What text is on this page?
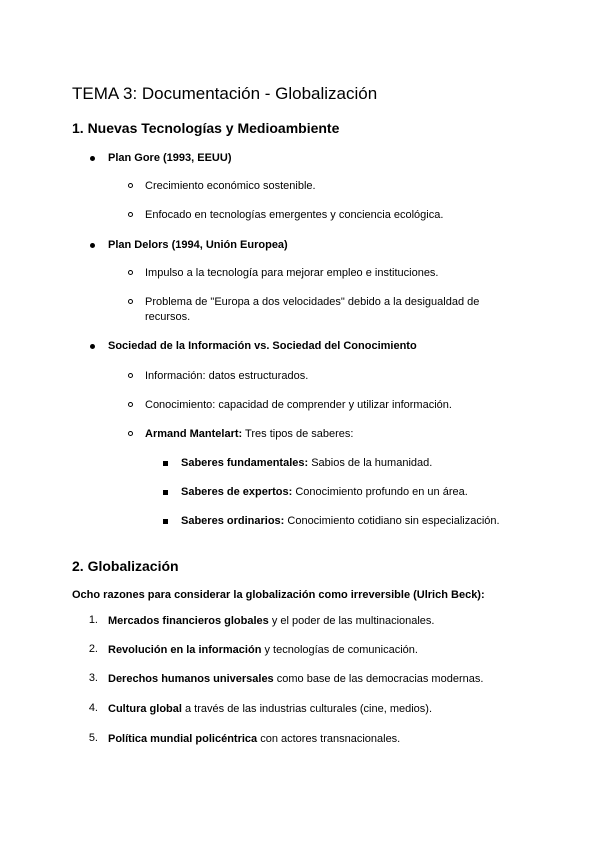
TEMA 3: Documentación - Globalización
1. Nuevas Tecnologías y Medioambiente
Plan Gore (1993, EEUU)
Crecimiento económico sostenible.
Enfocado en tecnologías emergentes y conciencia ecológica.
Plan Delors (1994, Unión Europea)
Impulso a la tecnología para mejorar empleo e instituciones.
Problema de "Europa a dos velocidades" debido a la desigualdad de
recursos.
Sociedad de la Información vs. Sociedad del Conocimiento
Información: datos estructurados.
Conocimiento: capacidad de comprender y utilizar información.
Armand Mantelart: Tres tipos de saberes:
Saberes fundamentales: Sabios de la humanidad.
Saberes de expertos: Conocimiento profundo en un área.
Saberes ordinarios: Conocimiento cotidiano sin especialización.
2. Globalización
Ocho razones para considerar la globalización como irreversible (Ulrich Beck):
1. Mercados financieros globales y el poder de las multinacionales.
2. Revolución en la información y tecnologías de comunicación.
3. Derechos humanos universales como base de las democracias modernas.
4. Cultura global a través de las industrias culturales (cine, medios).
5. Política mundial policéntrica con actores transnacionales.
